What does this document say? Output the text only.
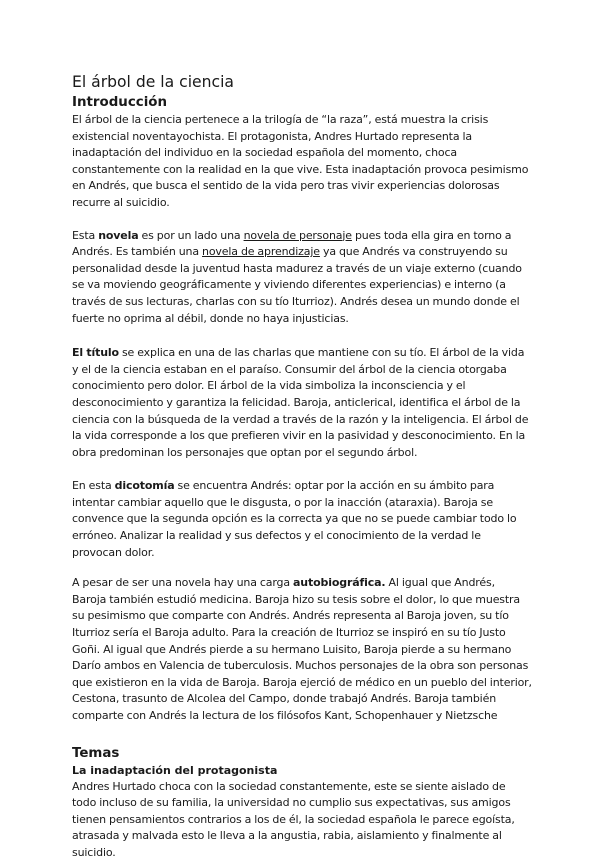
El árbol de la ciencia
Introducción

El árbol de la ciencia pertenece a la trilogía de “la raza”, está muestra la crisis existencial noventayochista. El protagonista, Andres Hurtado representa la inadaptación del individuo en la sociedad española del momento, choca constantemente con la realidad en la que vive. Esta inadaptación provoca pesimismo en Andrés, que busca el sentido de la vida pero tras vivir experiencias dolorosas recurre al suicidio.

Esta novela es por un lado una novela de personaje pues toda ella gira en torno a Andrés. Es también una novela de aprendizaje ya que Andrés va construyendo su personalidad desde la juventud hasta madurez a través de un viaje externo (cuando se va moviendo geográficamente y viviendo diferentes experiencias) e interno (a través de sus lecturas, charlas con su tío Iturrioz). Andrés desea un mundo donde el fuerte no oprima al débil, donde no haya injusticias.

El título se explica en una de las charlas que mantiene con su tío. El árbol de la vida y el de la ciencia estaban en el paraíso. Consumir del árbol de la ciencia otorgaba conocimiento pero dolor. El árbol de la vida simboliza la inconsciencia y el desconocimiento y garantiza la felicidad. Baroja, anticlerical, identifica el árbol de la ciencia con la búsqueda de la verdad a través de la razón y la inteligencia. El árbol de la vida corresponde a los que prefieren vivir en la pasividad y desconocimiento. En la obra predominan los personajes que optan por el segundo árbol.

En esta dicotomía se encuentra Andrés: optar por la acción en su ámbito para intentar cambiar aquello que le disgusta, o por la inacción (ataraxia). Baroja se convence que la segunda opción es la correcta ya que no se puede cambiar todo lo erróneo. Analizar la realidad y sus defectos y el conocimiento de la verdad le provocan dolor.

A pesar de ser una novela hay una carga autobiográfica. Al igual que Andrés, Baroja también estudió medicina. Baroja hizo su tesis sobre el dolor, lo que muestra su pesimismo que comparte con Andrés. Andrés representa al Baroja joven, su tío Iturrioz sería el Baroja adulto. Para la creación de Iturrioz se inspiró en su tío Justo Goñi. Al igual que Andrés pierde a su hermano Luisito, Baroja pierde a su hermano Darío ambos en Valencia de tuberculosis. Muchos personajes de la obra son personas que existieron en la vida de Baroja. Baroja ejerció de médico en un pueblo del interior, Cestona, trasunto de Alcolea del Campo, donde trabajó Andrés. Baroja también comparte con Andrés la lectura de los filósofos Kant, Schopenhauer y Nietzsche

Temas
La inadaptación del protagonista

Andres Hurtado choca con la sociedad constantemente, este se siente aislado de todo incluso de su familia, la universidad no cumplio sus expectativas, sus amigos tienen pensamientos contrarios a los de él, la sociedad española le parece egoísta, atrasada y malvada esto le lleva a la angustia, rabia, aislamiento y finalmente al suicidio.
